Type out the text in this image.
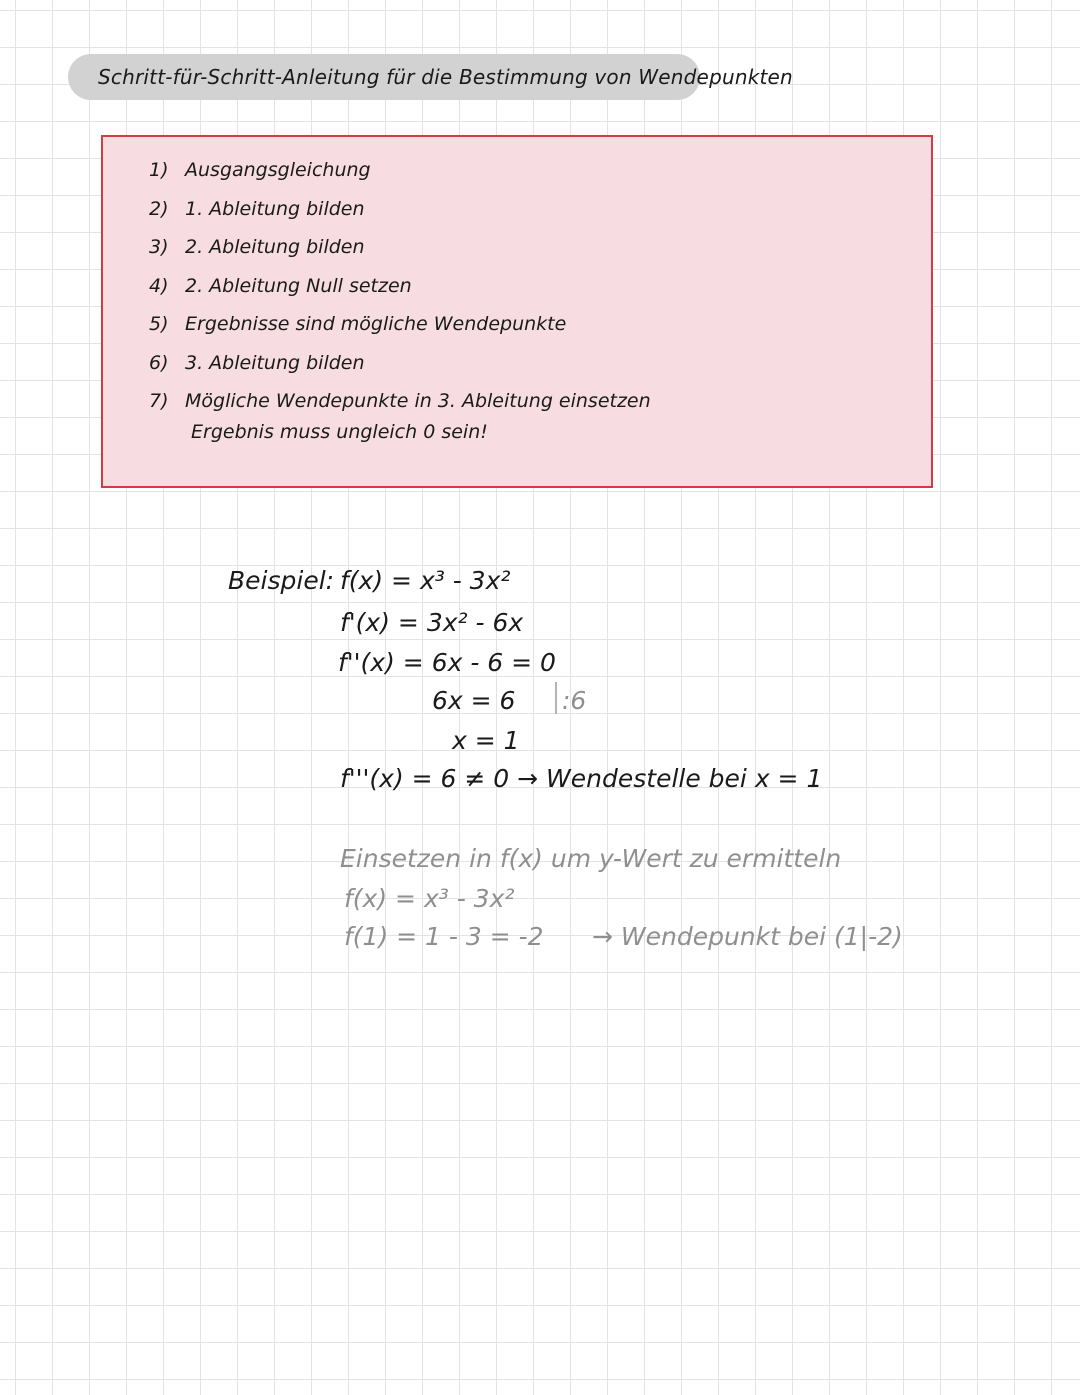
Schritt-für-Schritt-Anleitung für die Bestimmung von Wendepunkten
1) Ausgangsgleichung
2) 1. Ableitung bilden
3) 2. Ableitung bilden
4) 2. Ableitung Null setzen
5) Ergebnisse sind mögliche Wendepunkte
6) 3. Ableitung bilden
7) Mögliche Wendepunkte in 3. Ableitung einsetzen
Ergebnis muss ungleich 0 sein!
Beispiel: f(x) = x³ - 3x²
f'(x) = 3x² - 6x
f''(x) = 6x - 6 = 0
6x = 6 :6
x = 1
f'''(x) = 6 ≠ 0 → Wendestelle bei x = 1
Einsetzen in f(x) um y-Wert zu ermitteln
f(x) = x³ - 3x²
f(1) = 1 - 3 = -2 → Wendepunkt bei (1|-2)
